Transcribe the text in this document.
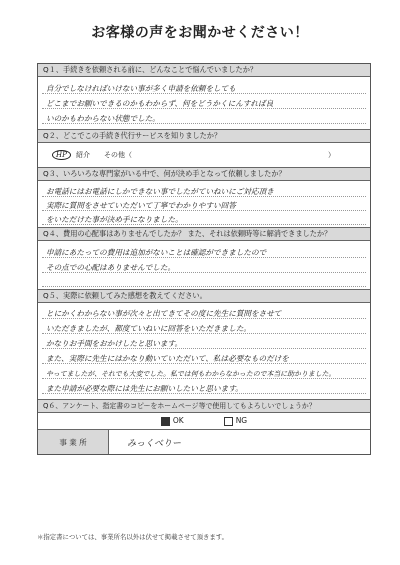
お客様の声をお聞かせください！
Q１、手続きを依頼される前に、どんなことで悩んでいましたか？
自分でしなければいけない事が多く申請を依頼をしても
どこまでお願いできるのかもわからず、何をどうかくにんすれば良
いのかもわからない状態でした。
Q２、どこでこの手続き代行サービスを知りましたか？
HP	紹介 その他（	）
Q３、いろいろな専門家がいる中で、何が決め手となって依頼しましたか？
お電話にはお電話にしかできない事でしたがていねいにご対応頂き
実際に質問をさせていただいて丁寧でわかりやすい回答
をいただけた事が決め手になりました。
Q４、費用の心配事はありませんでしたか？ また、それは依頼時等に解消できましたか？
申請にあたっての費用は追加がないことは確認ができましたので
その点での心配はありませんでした。
Q５、実際に依頼してみた感想を教えてください。
とにかくわからない事が次々と出てきてその度に先生に質問をさせて
いただきましたが、都度ていねいに回答をいただきました。
かなりお手間をおかけしたと思います。
また、実際に先生にはかなり動いていただいて、私は必要なものだけを
やってましたが、それでも大変でした。私では何もわからなかったので本当に助かりました。
また申請が必要な際には先生にお願いしたいと思います。
Q６、アンケート、指定書のコピーをホームページ等で使用してもよろしいでしょうか？
OK	NG
事 業 所	みっくべりー
＊指定書については、事業所名以外は伏せて掲載させて頂きます。
